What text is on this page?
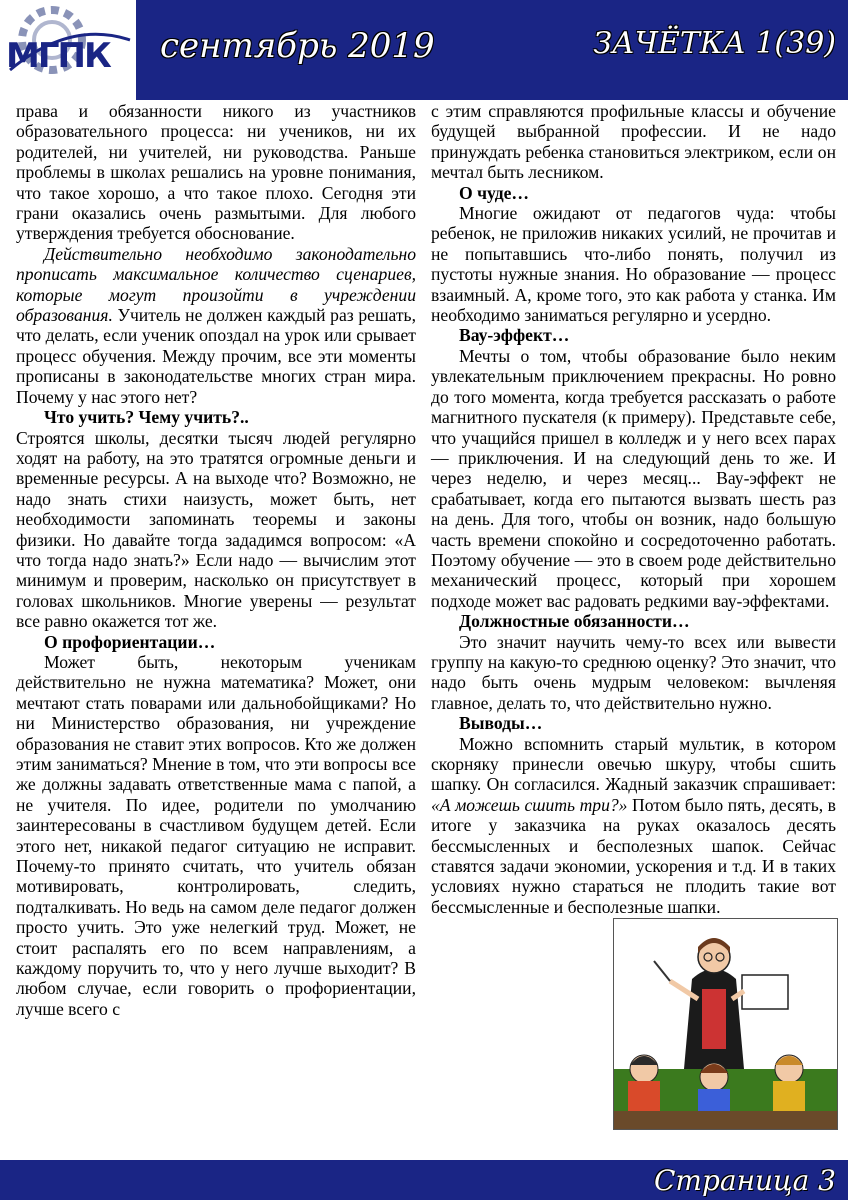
МГПК сентябрь 2019	ЗАЧЁТКА 1(39)

права и обязанности никого из участников образовательного процесса: ни учеников, ни их родителей, ни учителей, ни руководства. Раньше проблемы в школах решались на уровне понимания, что такое хорошо, а что такое плохо. Сегодня эти грани оказались очень размытыми. Для любого утверждения требуется обоснование.

Действительно необходимо законодательно прописать максимальное количество сценариев, которые могут произойти в учреждении образования. Учитель не должен каждый раз решать, что делать, если ученик опоздал на урок или срывает процесс обучения. Между прочим, все эти моменты прописаны в законодательстве многих стран мира. Почему у нас этого нет?

Что учить? Чему учить?..

Строятся школы, десятки тысяч людей регулярно ходят на работу, на это тратятся огромные деньги и временные ресурсы. А на выходе что? Возможно, не надо знать стихи наизусть, может быть, нет необходимости запоминать теоремы и законы физики. Но давайте тогда зададимся вопросом: «А что тогда надо знать?» Если надо — вычислим этот минимум и проверим, насколько он присутствует в головах школьников. Многие уверены — результат все равно окажется тот же.

О профориентации…

Может быть, некоторым ученикам действительно не нужна математика? Может, они мечтают стать поварами или дальнобойщиками? Но ни Министерство образования, ни учреждение образования не ставит этих вопросов. Кто же должен этим заниматься? Мнение в том, что эти вопросы все же должны задавать ответственные мама с папой, а не учителя. По идее, родители по умолчанию заинтересованы в счастливом будущем детей. Если этого нет, никакой педагог ситуацию не исправит. Почему-то принято считать, что учитель обязан мотивировать, контролировать, следить, подталкивать. Но ведь на самом деле педагог должен просто учить. Это уже нелегкий труд. Может, не стоит распалять его по всем направлениям, а каждому поручить то, что у него лучше выходит? В любом случае, если говорить о профориентации, лучше всего с

с этим справляются профильные классы и обучение будущей выбранной профессии. И не надо принуждать ребенка становиться электриком, если он мечтал быть лесником.

О чуде…

Многие ожидают от педагогов чуда: чтобы ребенок, не приложив никаких усилий, не прочитав и не попытавшись что-либо понять, получил из пустоты нужные знания. Но образование — процесс взаимный. А, кроме того, это как работа у станка. Им необходимо заниматься регулярно и усердно.

Вау-эффект…

Мечты о том, чтобы образование было неким увлекательным приключением прекрасны. Но ровно до того момента, когда требуется рассказать о работе магнитного пускателя (к примеру). Представьте себе, что учащийся пришел в колледж и у него всех парах — приключения. И на следующий день то же. И через неделю, и через месяц... Вау-эффект не срабатывает, когда его пытаются вызвать шесть раз на день. Для того, чтобы он возник, надо большую часть времени спокойно и сосредоточенно работать. Поэтому обучение — это в своем роде действительно механический процесс, который при хорошем подходе может вас радовать редкими вау-эффектами.

Должностные обязанности…

Это значит научить чему-то всех или вывести группу на какую-то среднюю оценку? Это значит, что надо быть очень мудрым человеком: вычленяя главное, делать то, что действительно нужно.

Выводы…

Можно вспомнить старый мультик, в котором скорняку принесли овечью шкуру, чтобы сшить шапку. Он согласился. Жадный заказчик спрашивает: «А можешь сшить три?» Потом было пять, десять, в итоге у заказчика на руках оказалось десять бессмысленных и бесполезных шапок. Сейчас ставятся задачи экономии, ускорения и т.д. И в таких условиях нужно стараться не плодить такие вот бессмысленные и бесполезные шапки.

Страница 3
